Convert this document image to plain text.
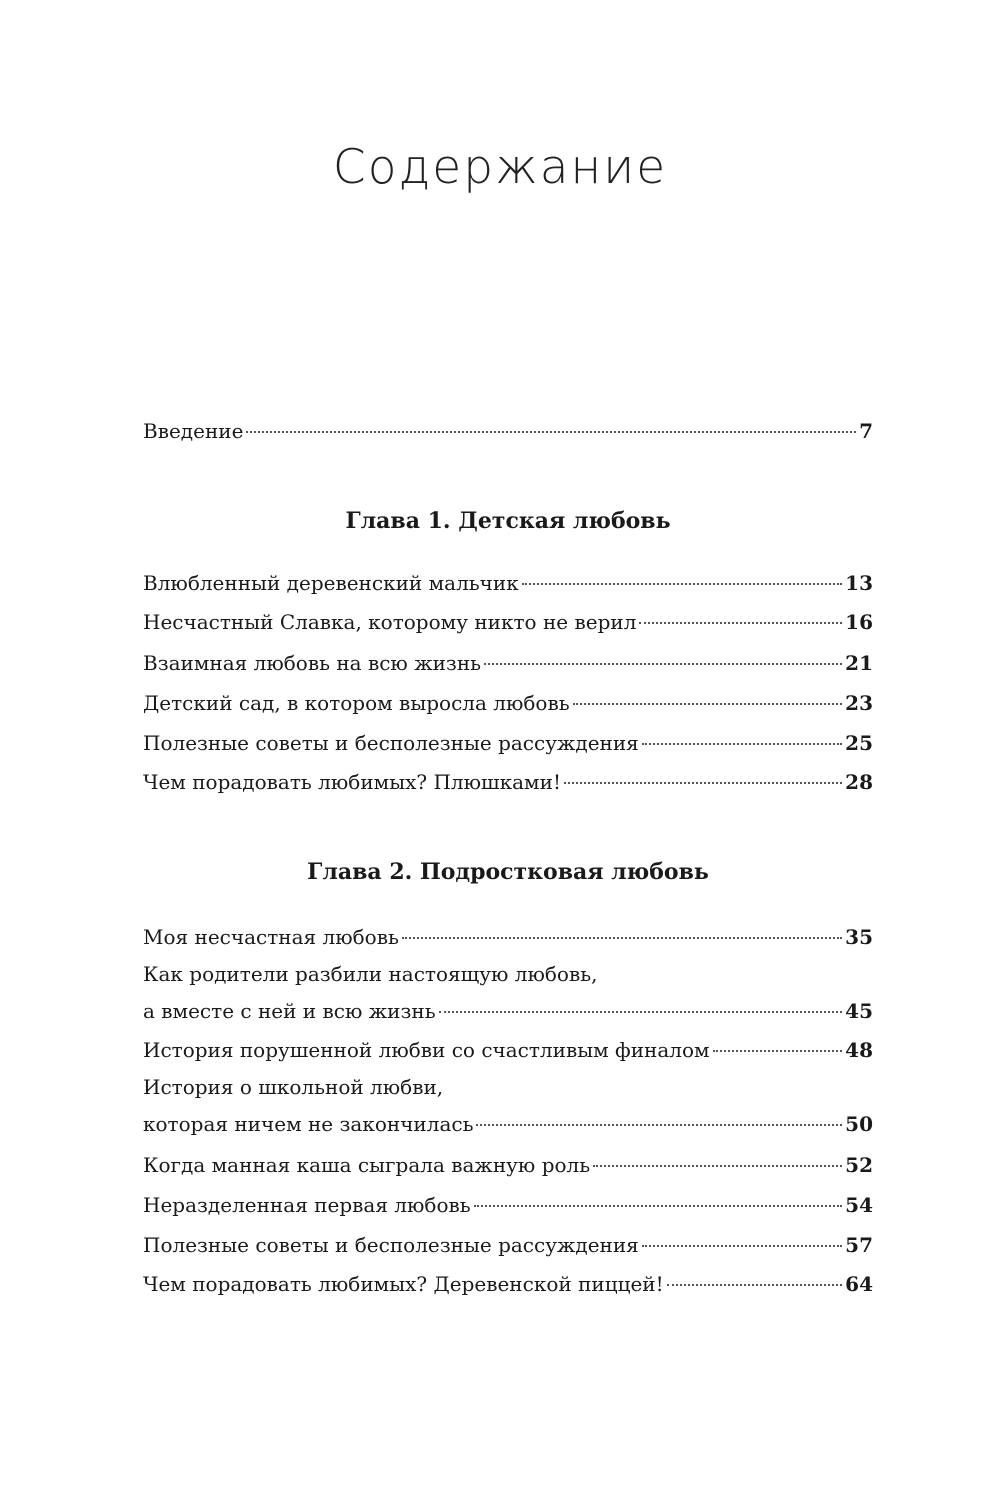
Содержание
Введение	7
Глава 1. Детская любовь
Влюбленный деревенский мальчик	13
Несчастный Славка, которому никто не верил	16
Взаимная любовь на всю жизнь	21
Детский сад, в котором выросла любовь	23
Полезные советы и бесполезные рассуждения	25
Чем порадовать любимых? Плюшками!	28
Глава 2. Подростковая любовь
Моя несчастная любовь	35
Как родители разбили настоящую любовь,
а вместе с ней и всю жизнь	45
История порушенной любви со счастливым финалом	48
История о школьной любви,
которая ничем не закончилась	50
Когда манная каша сыграла важную роль	52
Неразделенная первая любовь	54
Полезные советы и бесполезные рассуждения	57
Чем порадовать любимых? Деревенской пиццей!	64
